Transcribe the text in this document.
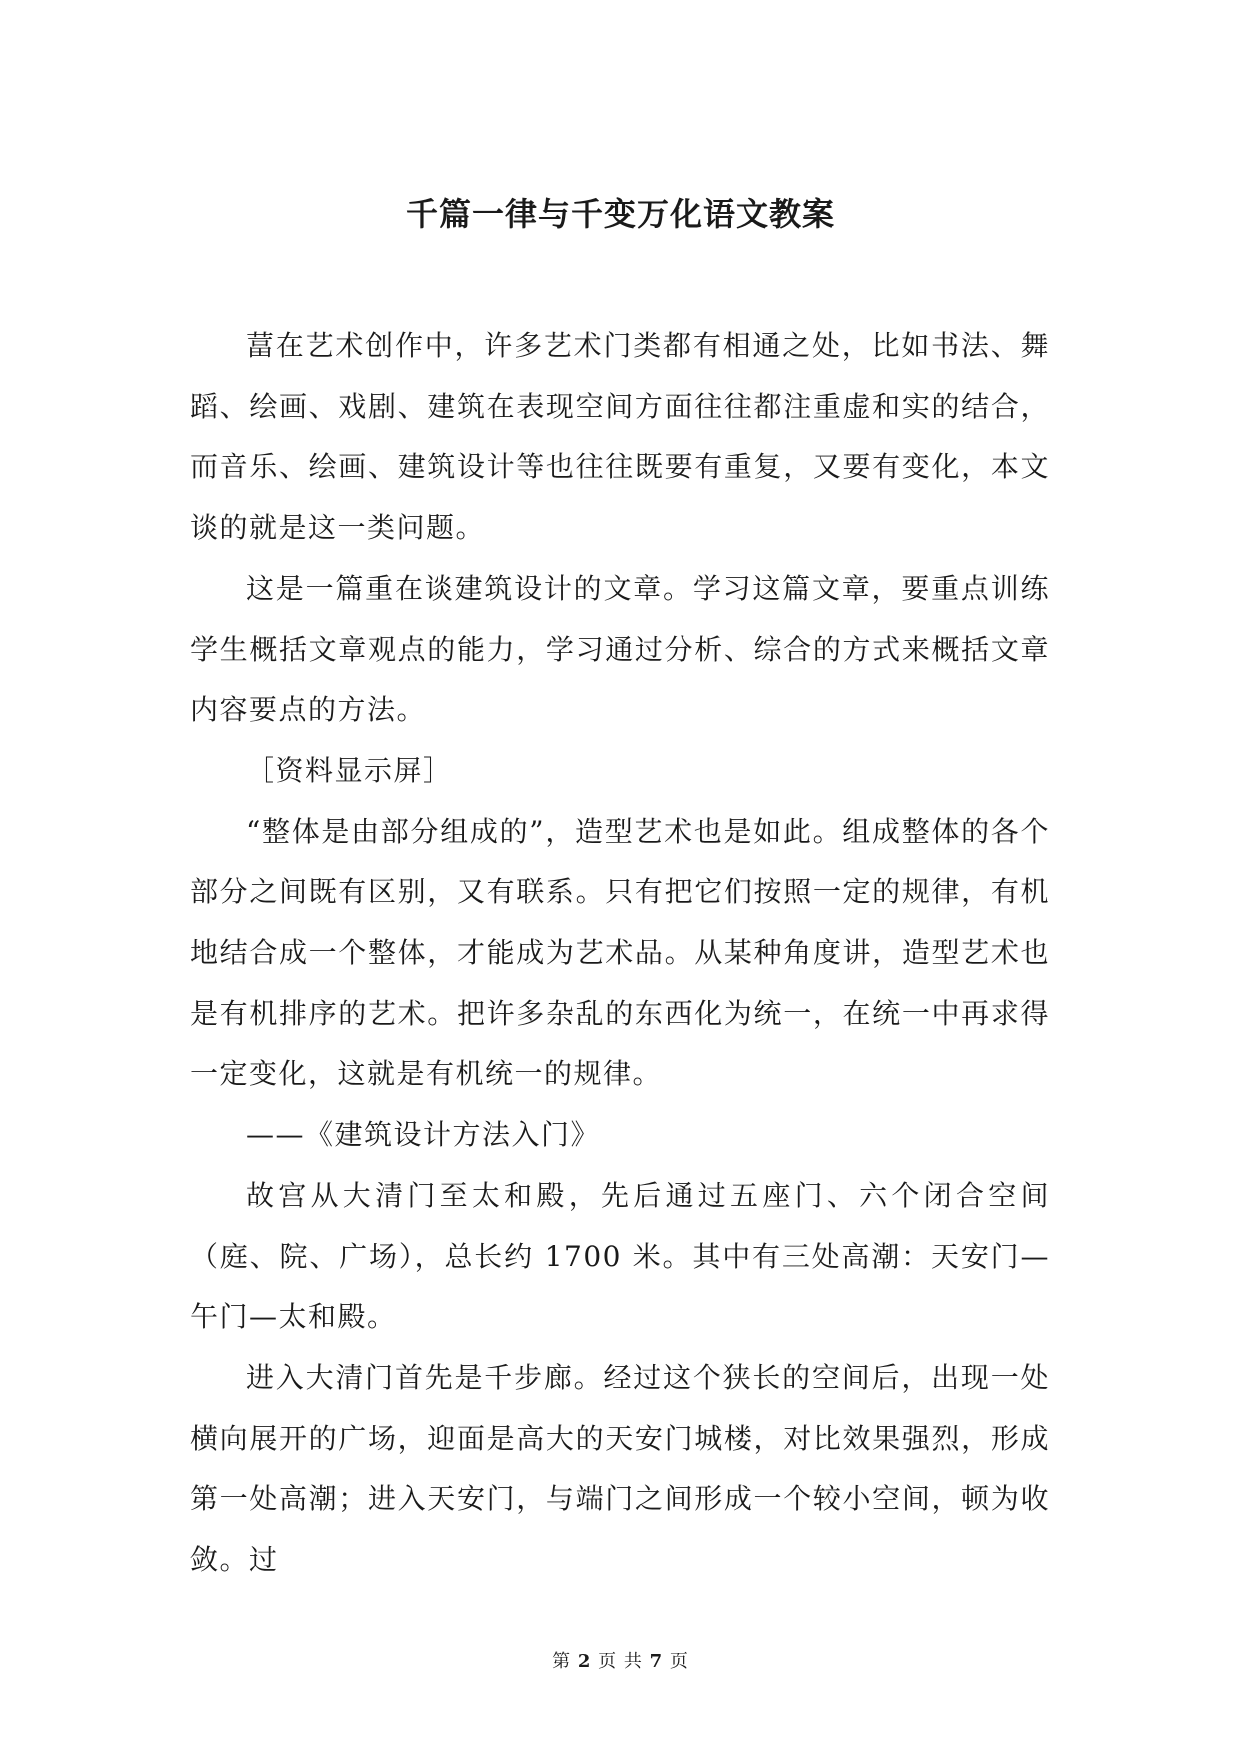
千篇一律与千变万化语文教案

葍在艺术创作中，许多艺术门类都有相通之处，比如书法、舞蹈、绘画、戏剧、建筑在表现空间方面往往都注重虚和实的结合，而音乐、绘画、建筑设计等也往往既要有重复，又要有变化，本文谈的就是这一类问题。

这是一篇重在谈建筑设计的文章。学习这篇文章，要重点训练学生概括文章观点的能力，学习通过分析、综合的方式来概括文章内容要点的方法。

［资料显示屏］

“整体是由部分组成的”，造型艺术也是如此。组成整体的各个部分之间既有区别，又有联系。只有把它们按照一定的规律，有机地结合成一个整体，才能成为艺术品。从某种角度讲，造型艺术也是有机排序的艺术。把许多杂乱的东西化为统一，在统一中再求得一定变化，这就是有机统一的规律。

——《建筑设计方法入门》

故宫从大清门至太和殿，先后通过五座门、六个闭合空间（庭、院、广场），总长约 1700 米。其中有三处高潮：天安门—午门—太和殿。

进入大清门首先是千步廊。经过这个狭长的空间后，出现一处横向展开的广场，迎面是高大的天安门城楼，对比效果强烈，形成第一处高潮；进入天安门，与端门之间形成一个较小空间，顿为收敛。过

第 2 页 共 7 页
